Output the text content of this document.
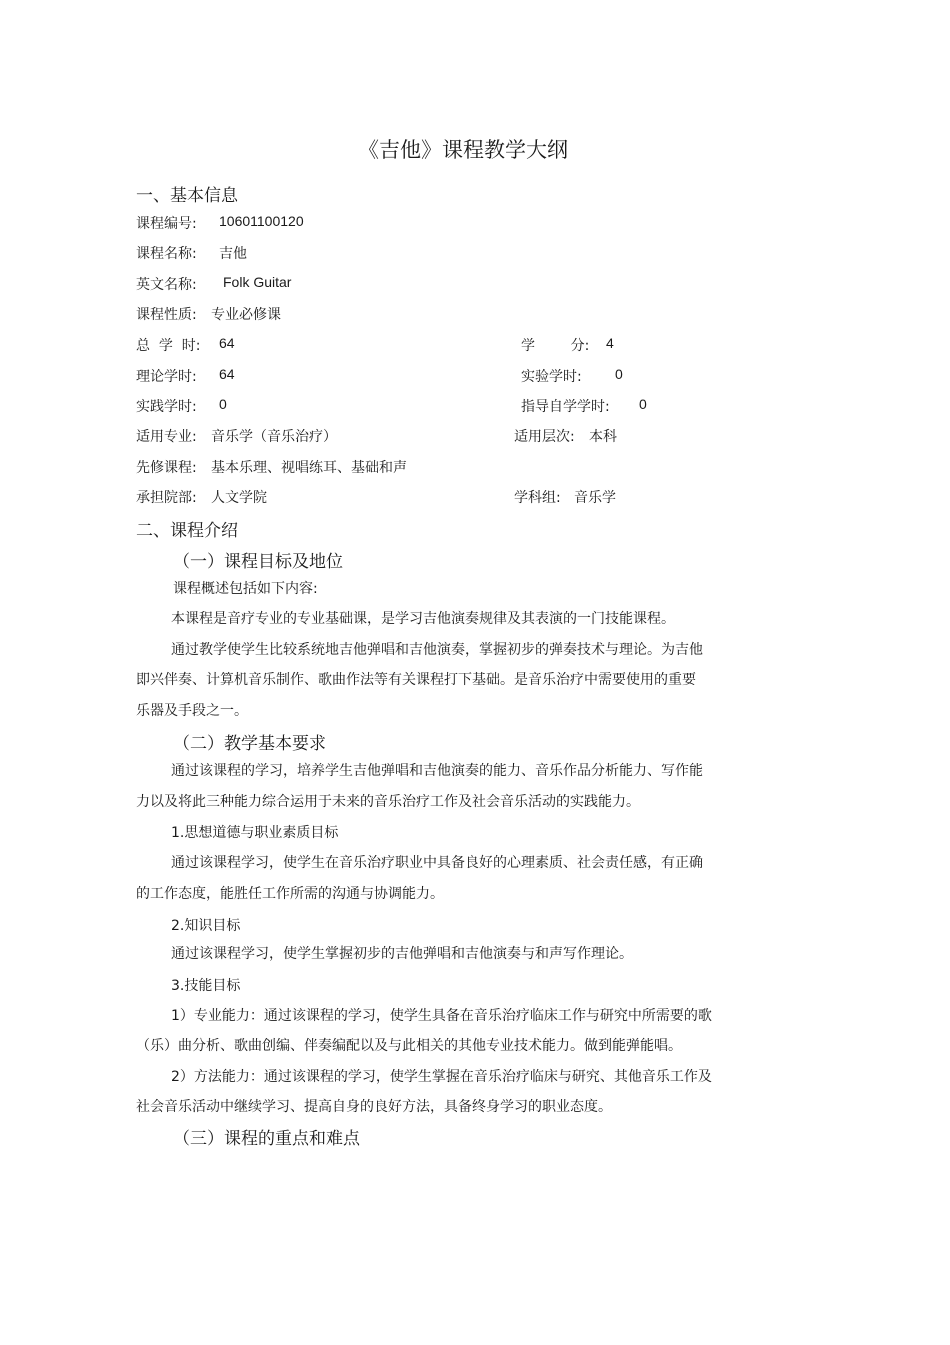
《吉他》课程教学大纲
一、基本信息
课程编号: 10601100120
课程名称: 吉他
英文名称: Folk Guitar
课程性质: 专业必修课
总  学  时: 64	学        分: 4
理论学时: 64	实验学时: 0
实践学时: 0	指导自学学时: 0
适用专业: 音乐学（音乐治疗）	适用层次: 本科
先修课程: 基本乐理、视唱练耳、基础和声
承担院部: 人文学院	学科组: 音乐学
二、课程介绍
（一）课程目标及地位
课程概述包括如下内容:
本课程是音疗专业的专业基础课，是学习吉他演奏规律及其表演的一门技能课程。
通过教学使学生比较系统地吉他弹唱和吉他演奏，掌握初步的弹奏技术与理论。为吉他
即兴伴奏、计算机音乐制作、歌曲作法等有关课程打下基础。是音乐治疗中需要使用的重要
乐器及手段之一。
（二）教学基本要求
通过该课程的学习，培养学生吉他弹唱和吉他演奏的能力、音乐作品分析能力、写作能
力以及将此三种能力综合运用于未来的音乐治疗工作及社会音乐活动的实践能力。
1.思想道德与职业素质目标
通过该课程学习，使学生在音乐治疗职业中具备良好的心理素质、社会责任感，有正确
的工作态度，能胜任工作所需的沟通与协调能力。
2.知识目标
通过该课程学习，使学生掌握初步的吉他弹唱和吉他演奏与和声写作理论。
3.技能目标
1）专业能力：通过该课程的学习，使学生具备在音乐治疗临床工作与研究中所需要的歌
（乐）曲分析、歌曲创编、伴奏编配以及与此相关的其他专业技术能力。做到能弹能唱。
2）方法能力：通过该课程的学习，使学生掌握在音乐治疗临床与研究、其他音乐工作及
社会音乐活动中继续学习、提高自身的良好方法，具备终身学习的职业态度。
（三）课程的重点和难点
